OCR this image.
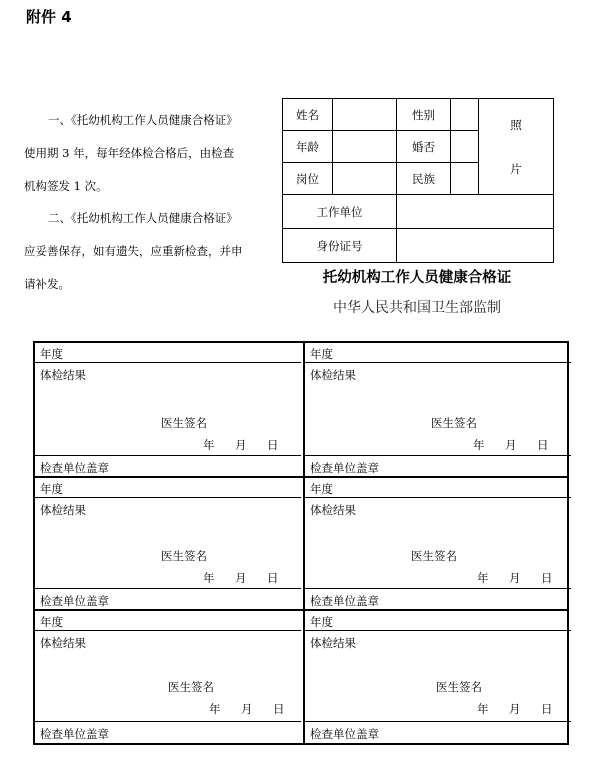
附件 4

一、《托幼机构工作人员健康合格证》使用期 3 年，每年经体检合格后，由检查机构签发 1 次。

二、《托幼机构工作人员健康合格证》应妥善保存，如有遗失，应重新检查，并申请补发。

姓名		性别		照

片

年龄		婚否		
岗位		民族		
工作单位				
身份证号				
托幼机构工作人员健康合格证
中华人民共和国卫生部监制
年度
体检结果
医生签名
年 月 日
检查单位盖章
年度
体检结果
医生签名
年 月 日
检查单位盖章
年度
体检结果
医生签名
年 月 日
检查单位盖章
年度
体检结果
医生签名
年 月 日
检查单位盖章
年度
体检结果
医生签名
年 月 日
检查单位盖章
年度
体检结果
医生签名
年 月 日
检查单位盖章
